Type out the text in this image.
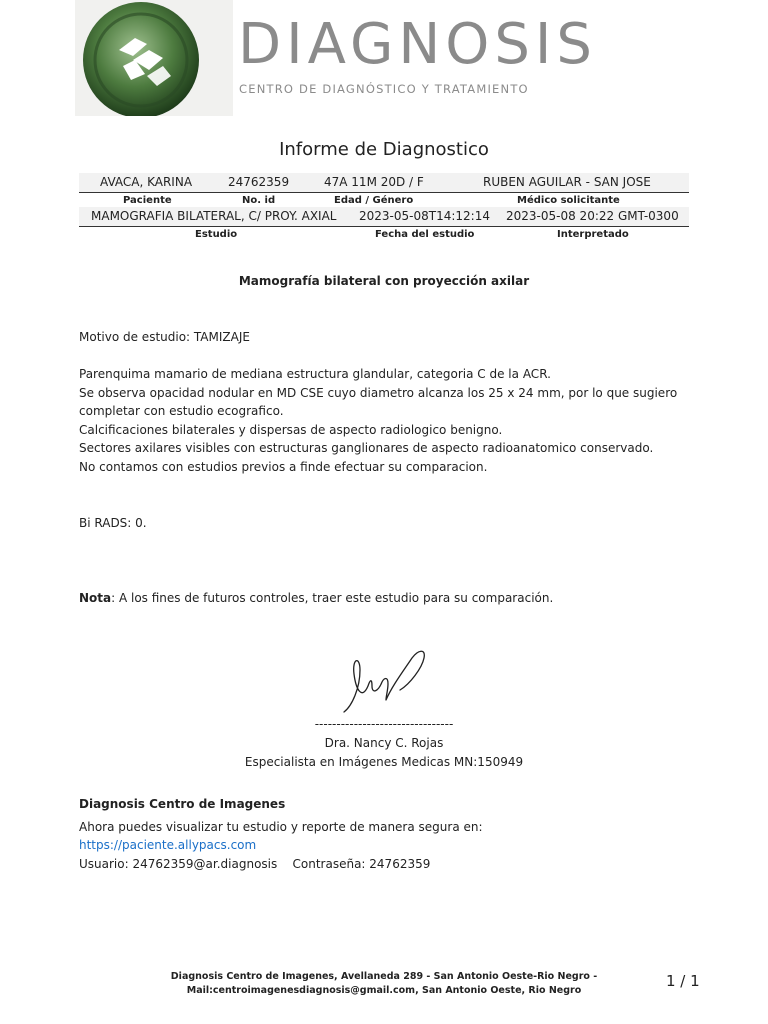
DIAGNOSIS
CENTRO DE DIAGNÓSTICO Y TRATAMIENTO
Informe de Diagnostico
AVACA, KARINA	24762359	47A 11M 20D / F	RUBEN AGUILAR - SAN JOSE
Paciente	No. id	Edad / Género	Médico solicitante
MAMOGRAFIA BILATERAL, C/ PROY. AXIAL 2023-05-08T14:12:14 2023-05-08 20:22 GMT-0300
Estudio	Fecha del estudio	Interpretado
Mamografía bilateral con proyección axilar
Motivo de estudio: TAMIZAJE
Parenquima mamario de mediana estructura glandular, categoria C de la ACR.
Se observa opacidad nodular en MD CSE cuyo diametro alcanza los 25 x 24 mm, por lo que sugiero
completar con estudio ecografico.
Calcificaciones bilaterales y dispersas de aspecto radiologico benigno.
Sectores axilares visibles con estructuras ganglionares de aspecto radioanatomico conservado.
No contamos con estudios previos a finde efectuar su comparacion.
Bi RADS: 0.
Nota: A los fines de futuros controles, traer este estudio para su comparación.
--------------------------------
Dra. Nancy C. Rojas
Especialista en Imágenes Medicas MN:150949
Diagnosis Centro de Imagenes
Ahora puedes visualizar tu estudio y reporte de manera segura en:
https://paciente.allypacs.com
Usuario: 24762359@ar.diagnosis Contraseña: 24762359
Diagnosis Centro de Imagenes, Avellaneda 289 - San Antonio Oeste-Rio Negro -
Mail:centroimagenesdiagnosis@gmail.com, San Antonio Oeste, Rio Negro
1 / 1
